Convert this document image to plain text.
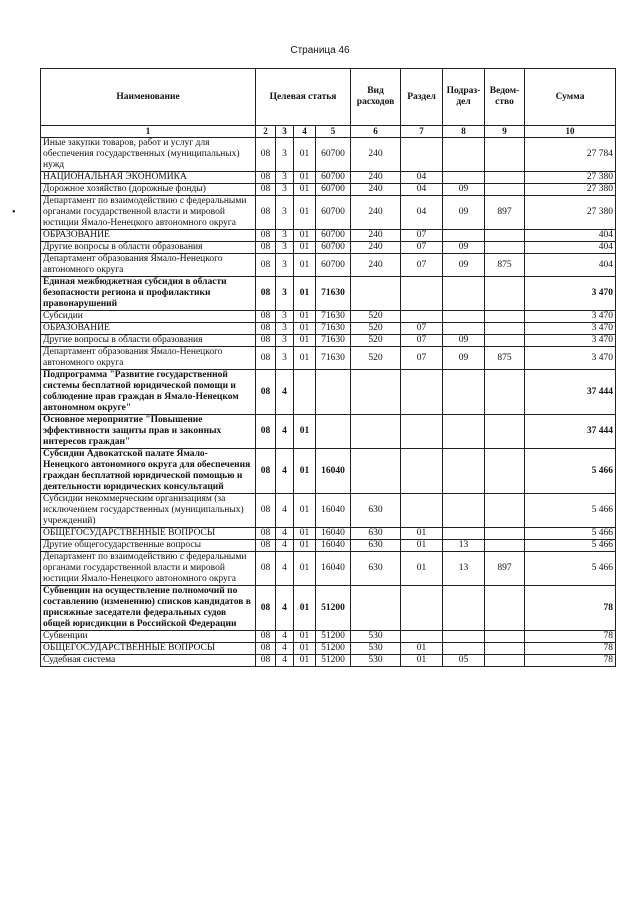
Страница 46
•
Наименование	Целевая статья				Вид расходов	Раздел	Подраз-дел	Ведом-ство	Сумма
1	2	3	4	5	6	7	8	9	10
Иные закупки товаров, работ и услуг для обеспечения государственных (муниципальных) нужд	08	3	01	60700	240				27 784
НАЦИОНАЛЬНАЯ ЭКОНОМИКА	08	3	01	60700	240	04			27 380
Дорожное хозяйство (дорожные фонды)	08	3	01	60700	240	04	09		27 380
Департамент по взаимодействию с федеральными органами государственной власти и мировой юстиции Ямало-Ненецкого автономного округа	08	3	01	60700	240	04	09	897	27 380
ОБРАЗОВАНИЕ	08	3	01	60700	240	07			404
Другие вопросы в области образования	08	3	01	60700	240	07	09		404
Департамент образования Ямало-Ненецкого автономного округа	08	3	01	60700	240	07	09	875	404
Единая межбюджетная субсидия в области безопасности региона и профилактики правонарушений	08	3	01	71630					3 470
Субсидии	08	3	01	71630	520				3 470
ОБРАЗОВАНИЕ	08	3	01	71630	520	07			3 470
Другие вопросы в области образования	08	3	01	71630	520	07	09		3 470
Департамент образования Ямало-Ненецкого автономного округа	08	3	01	71630	520	07	09	875	3 470
Подпрограмма "Развитие государственной системы бесплатной юридической помощи и соблюдение прав граждан в Ямало-Ненецком автономном округе"	08	4							37 444
Основное мероприятие "Повышение эффективности защиты прав и законных интересов граждан"	08	4	01						37 444
Субсидии Адвокатской палате Ямало-Ненецкого автономного округа для обеспечения граждан бесплатной юридической помощью и деятельности юридических консультаций	08	4	01	16040					5 466
Субсидии некоммерческим организациям (за исключением государственных (муниципальных) учреждений)	08	4	01	16040	630				5 466
ОБЩЕГОСУДАРСТВЕННЫЕ ВОПРОСЫ	08	4	01	16040	630	01			5 466
Другие общегосударственные вопросы	08	4	01	16040	630	01	13		5 466
Департамент по взаимодействию с федеральными органами государственной власти и мировой юстиции Ямало-Ненецкого автономного округа	08	4	01	16040	630	01	13	897	5 466
Субвенции на осуществление полномочий по составлению (изменению) списков кандидатов в присяжные заседатели федеральных судов общей юрисдикции в Российской Федерации	08	4	01	51200					78
Субвенции	08	4	01	51200	530				78
ОБЩЕГОСУДАРСТВЕННЫЕ ВОПРОСЫ	08	4	01	51200	530	01			78
Судебная система	08	4	01	51200	530	01	05		78
